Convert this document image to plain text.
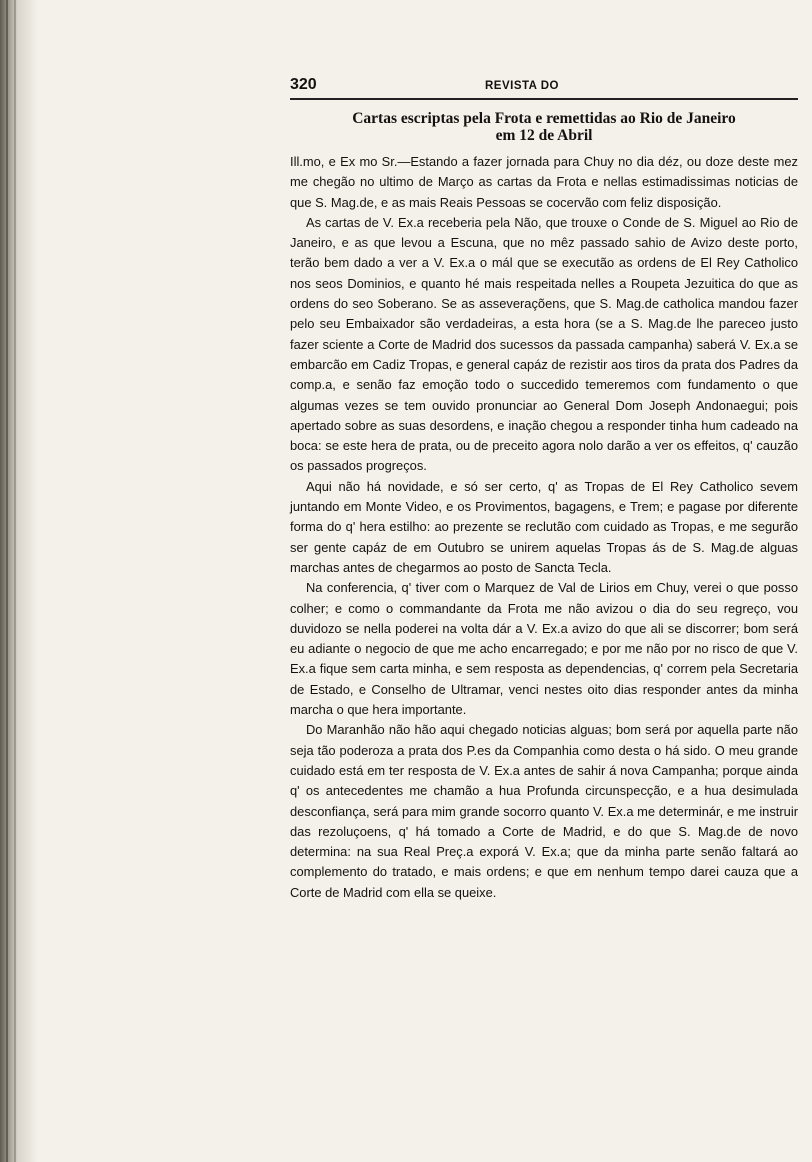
320	REVISTA DO
Cartas escriptas pela Frota e remettidas ao Rio de Janeiro
em 12 de Abril

Ill.mo, e Ex mo Sr.—Estando a fazer jornada para Chuy no dia déz, ou doze deste mez me chegão no ultimo de Março as cartas da Frota e nellas estimadissimas noticias de que S. Mag.de, e as mais Reais Pessoas se cocervão com feliz disposição.

As cartas de V. Ex.a receberia pela Não, que trouxe o Conde de S. Miguel ao Rio de Janeiro, e as que levou a Escuna, que no mêz passado sahio de Avizo deste porto, terão bem dado a ver a V. Ex.a o mál que se executão as ordens de El Rey Catholico nos seos Dominios, e quanto hé mais respeitada nelles a Roupeta Jezuitica do que as ordens do seo Soberano. Se as asseveraçõens, que S. Mag.de catholica mandou fazer pelo seu Embaixador são verdadeiras, a esta hora (se a S. Mag.de lhe pareceo justo fazer sciente a Corte de Madrid dos sucessos da passada campanha) saberá V. Ex.a se embarcão em Cadiz Tropas, e general capáz de rezistir aos tiros da prata dos Padres da comp.a, e senão faz emoção todo o succedido temeremos com fundamento o que algumas vezes se tem ouvido pronunciar ao General Dom Joseph Andonaegui; pois apertado sobre as suas desordens, e inação chegou a responder tinha hum cadeado na boca: se este hera de prata, ou de preceito agora nolo darão a ver os effeitos, q' cauzão os passados progreços.

Aqui não há novidade, e só ser certo, q' as Tropas de El Rey Catholico sevem juntando em Monte Video, e os Provimentos, bagagens, e Trem; e pagase por diferente forma do q' hera estilho: ao prezente se reclutão com cuidado as Tropas, e me segurão ser gente capáz de em Outubro se unirem aquelas Tropas ás de S. Mag.de alguas marchas antes de chegarmos ao posto de Sancta Tecla.

Na conferencia, q' tiver com o Marquez de Val de Lirios em Chuy, verei o que posso colher; e como o commandante da Frota me não avizou o dia do seu regreço, vou duvidozo se nella poderei na volta dár a V. Ex.a avizo do que ali se discorrer; bom será eu adiante o negocio de que me acho encarregado; e por me não por no risco de que V. Ex.a fique sem carta minha, e sem resposta as dependencias, q' correm pela Secretaria de Estado, e Conselho de Ultramar, venci nestes oito dias responder antes da minha marcha o que hera importante.

Do Maranhão não hão aqui chegado noticias alguas; bom será por aquella parte não seja tão poderoza a prata dos P.es da Companhia como desta o há sido. O meu grande cuidado está em ter resposta de V. Ex.a antes de sahir á nova Campanha; porque ainda q' os antecedentes me chamão a hua Profunda circunspecção, e a hua desimulada desconfiança, será para mim grande socorro quanto V. Ex.a me determinár, e me instruir das rezoluçoens, q' há tomado a Corte de Madrid, e do que S. Mag.de de novo determina: na sua Real Preç.a exporá V. Ex.a; que da minha parte senão faltará ao complemento do tratado, e mais ordens; e que em nenhum tempo darei cauza que a Corte de Madrid com ella se queixe.
